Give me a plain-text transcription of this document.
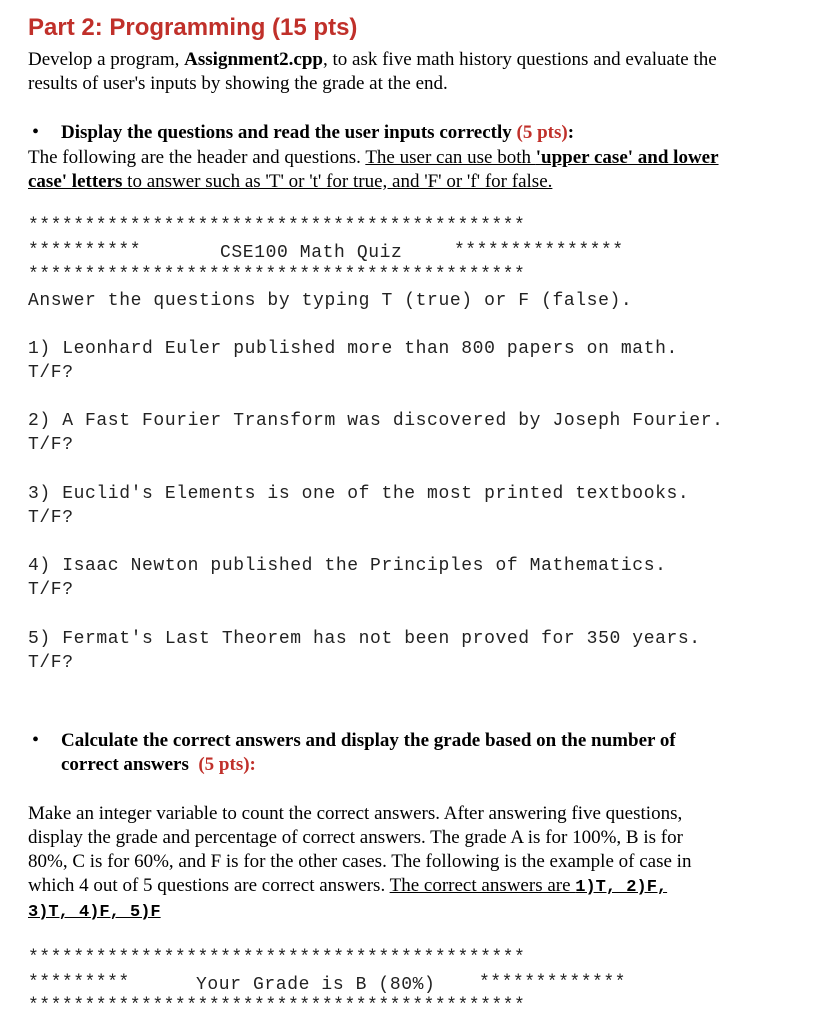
Part 2: Programming (15 pts)
Develop a program, Assignment2.cpp, to ask five math history questions and evaluate the
results of user's inputs by showing the grade at the end.
• Display the questions and read the user inputs correctly (5 pts):
The following are the header and questions. The user can use both 'upper case' and lower
case' letters to answer such as 'T' or 't' for true, and 'F' or 'f' for false.
********************************************
**********	CSE100 Math Quiz	***************
********************************************
Answer the questions by typing T (true) or F (false).
1) Leonhard Euler published more than 800 papers on math.
T/F?
2) A Fast Fourier Transform was discovered by Joseph Fourier.
T/F?
3) Euclid's Elements is one of the most printed textbooks.
T/F?
4) Isaac Newton published the Principles of Mathematics.
T/F?
5) Fermat's Last Theorem has not been proved for 350 years.
T/F?
• Calculate the correct answers and display the grade based on the number of
correct answers (5 pts):
Make an integer variable to count the correct answers. After answering five questions,
display the grade and percentage of correct answers. The grade A is for 100%, B is for
80%, C is for 60%, and F is for the other cases. The following is the example of case in
which 4 out of 5 questions are correct answers. The correct answers are 1)T, 2)F,
3)T, 4)F, 5)F
********************************************
*********	Your Grade is B (80%) *************
********************************************
